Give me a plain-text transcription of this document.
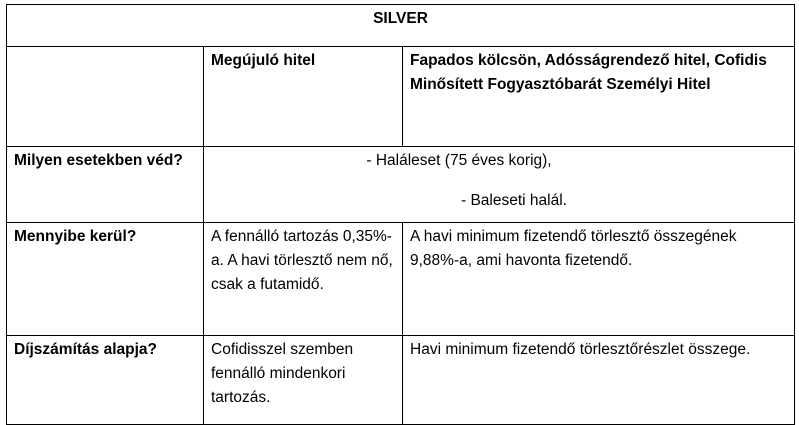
SILVER		
	Megújuló hitel	Fapados kölcsön, Adósságrendező hitel, Cofidis Minősített Fogyasztóbarát Személyi Hitel
Milyen esetekben véd?	- Haláleset (75 éves korig),
- Baleseti halál.	

Mennyibe kerül?	A fennálló tartozás 0,35%-a. A havi törlesztő nem nő, csak a futamidő.	A havi minimum fizetendő törlesztő összegének 9,88%-a, ami havonta fizetendő.
Díjszámítás alapja?	Cofidisszel szemben fennálló mindenkori tartozás.	Havi minimum fizetendő törlesztőrészlet összege.
